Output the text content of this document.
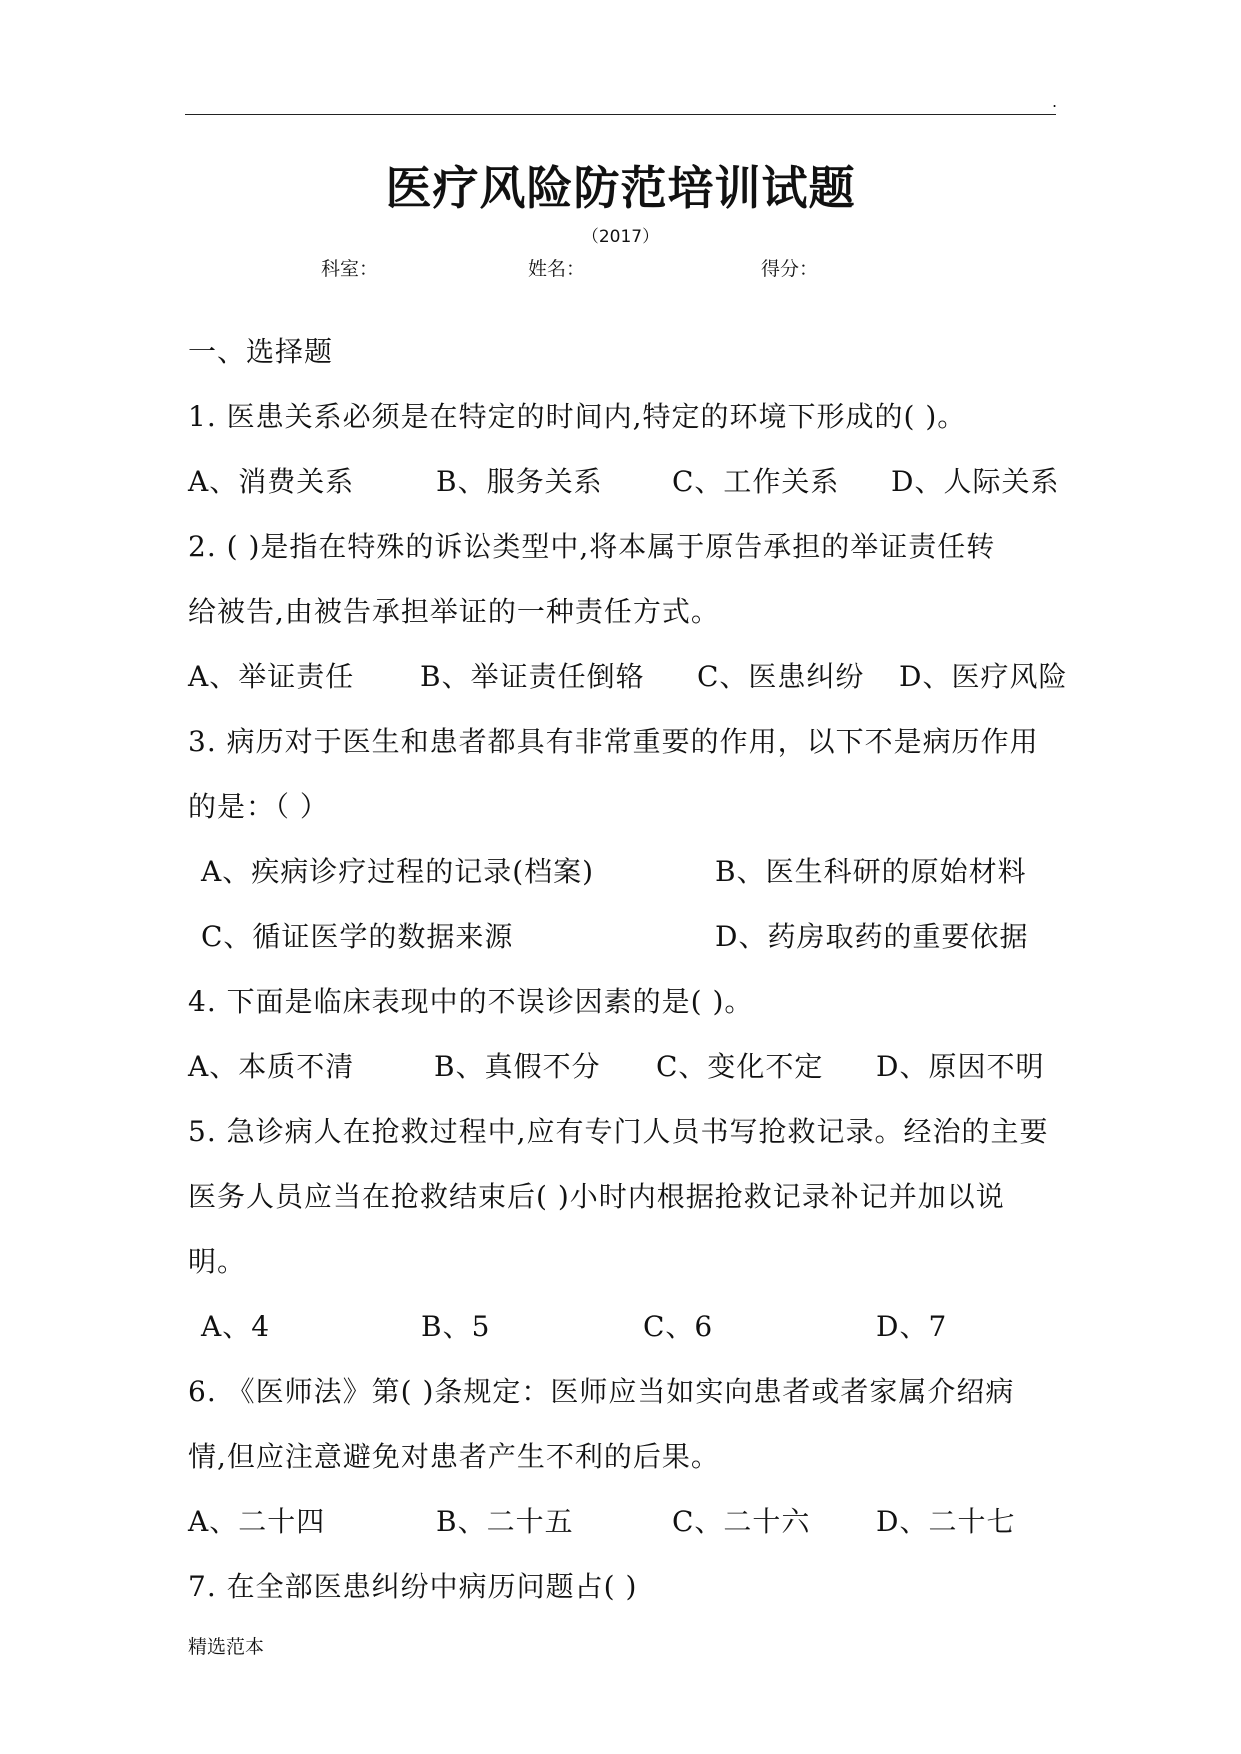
.
医疗风险防范培训试题
（2017）
科室：	姓名：	得分：
一、选择题
1. 医患关系必须是在特定的时间内,特定的环境下形成的( )。
A、消费关系	B、服务关系 C、工作关系 D、人际关系
2. ( )是指在特殊的诉讼类型中,将本属于原告承担的举证责任转
给被告,由被告承担举证的一种责任方式。
A、举证责任 B、举证责任倒辂 C、医患纠纷 D、医疗风险
3. 病历对于医生和患者都具有非常重要的作用，以下不是病历作用
的是：（ ）
A、疾病诊疗过程的记录(档案)	B、医生科研的原始材料
C、循证医学的数据来源	D、药房取药的重要依据
4. 下面是临床表现中的不误诊因素的是( )。
A、本质不清	B、真假不分 C、变化不定 D、原因不明
5. 急诊病人在抢救过程中,应有专门人员书写抢救记录。经治的主要
医务人员应当在抢救结束后( )小时内根据抢救记录补记并加以说
明。
A、4	B、5	C、6	D、7
6. 《医师法》第( )条规定：医师应当如实向患者或者家属介绍病
情,但应注意避免对患者产生不利的后果。
A、二十四	B、二十五	C、二十六 D、二十七
7. 在全部医患纠纷中病历问题占( )
精选范本
